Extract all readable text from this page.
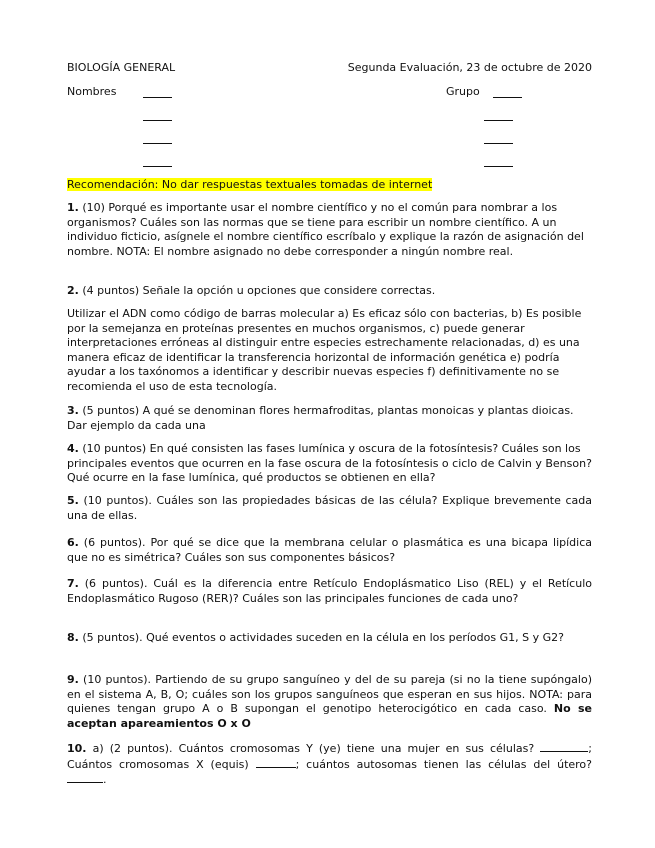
BIOLOGÍA GENERAL	Segunda Evaluación, 23 de octubre de 2020
Nombres	Grupo
Recomendación: No dar respuestas textuales tomadas de internet

1. (10) Porqué es importante usar el nombre científico y no el común para nombrar a los organismos? Cuáles son las normas que se tiene para escribir un nombre científico. A un individuo ficticio, asígnele el nombre científico escríbalo y explique la razón de asignación del nombre. NOTA: El nombre asignado no debe corresponder a ningún nombre real.

2. (4 puntos) Señale la opción u opciones que considere correctas.

Utilizar el ADN como código de barras molecular a) Es eficaz sólo con bacterias, b) Es posible por la semejanza en proteínas presentes en muchos organismos, c) puede generar interpretaciones erróneas al distinguir entre especies estrechamente relacionadas, d) es una manera eficaz de identificar la transferencia horizontal de información genética e) podría ayudar a los taxónomos a identificar y describir nuevas especies f) definitivamente no se recomienda el uso de esta tecnología.

3. (5 puntos) A qué se denominan flores hermafroditas, plantas monoicas y plantas dioicas. Dar ejemplo da cada una

4. (10 puntos) En qué consisten las fases lumínica y oscura de la fotosíntesis? Cuáles son los principales eventos que ocurren en la fase oscura de la fotosíntesis o ciclo de Calvin y Benson? Qué ocurre en la fase lumínica, qué productos se obtienen en ella?

5. (10 puntos). Cuáles son las propiedades básicas de las célula? Explique brevemente cada una de ellas.

6. (6 puntos). Por qué se dice que la membrana celular o plasmática es una bicapa lipídica que no es simétrica? Cuáles son sus componentes básicos?

7. (6 puntos). Cuál es la diferencia entre Retículo Endoplásmatico Liso (REL) y el Retículo Endoplasmático Rugoso (RER)? Cuáles son las principales funciones de cada uno?

8. (5 puntos). Qué eventos o actividades suceden en la célula en los períodos G1, S y G2?

9. (10 puntos). Partiendo de su grupo sanguíneo y del de su pareja (si no la tiene supóngalo) en el sistema A, B, O; cuáles son los grupos sanguíneos que esperan en sus hijos. NOTA: para quienes tengan grupo A o B supongan el genotipo heterocigótico en cada caso. No se aceptan apareamientos O x O

10. a) (2 puntos). Cuántos cromosomas Y (ye) tiene una mujer en sus células?	; Cuántos cromosomas X (equis)	; cuántos autosomas tienen las células del útero? .
